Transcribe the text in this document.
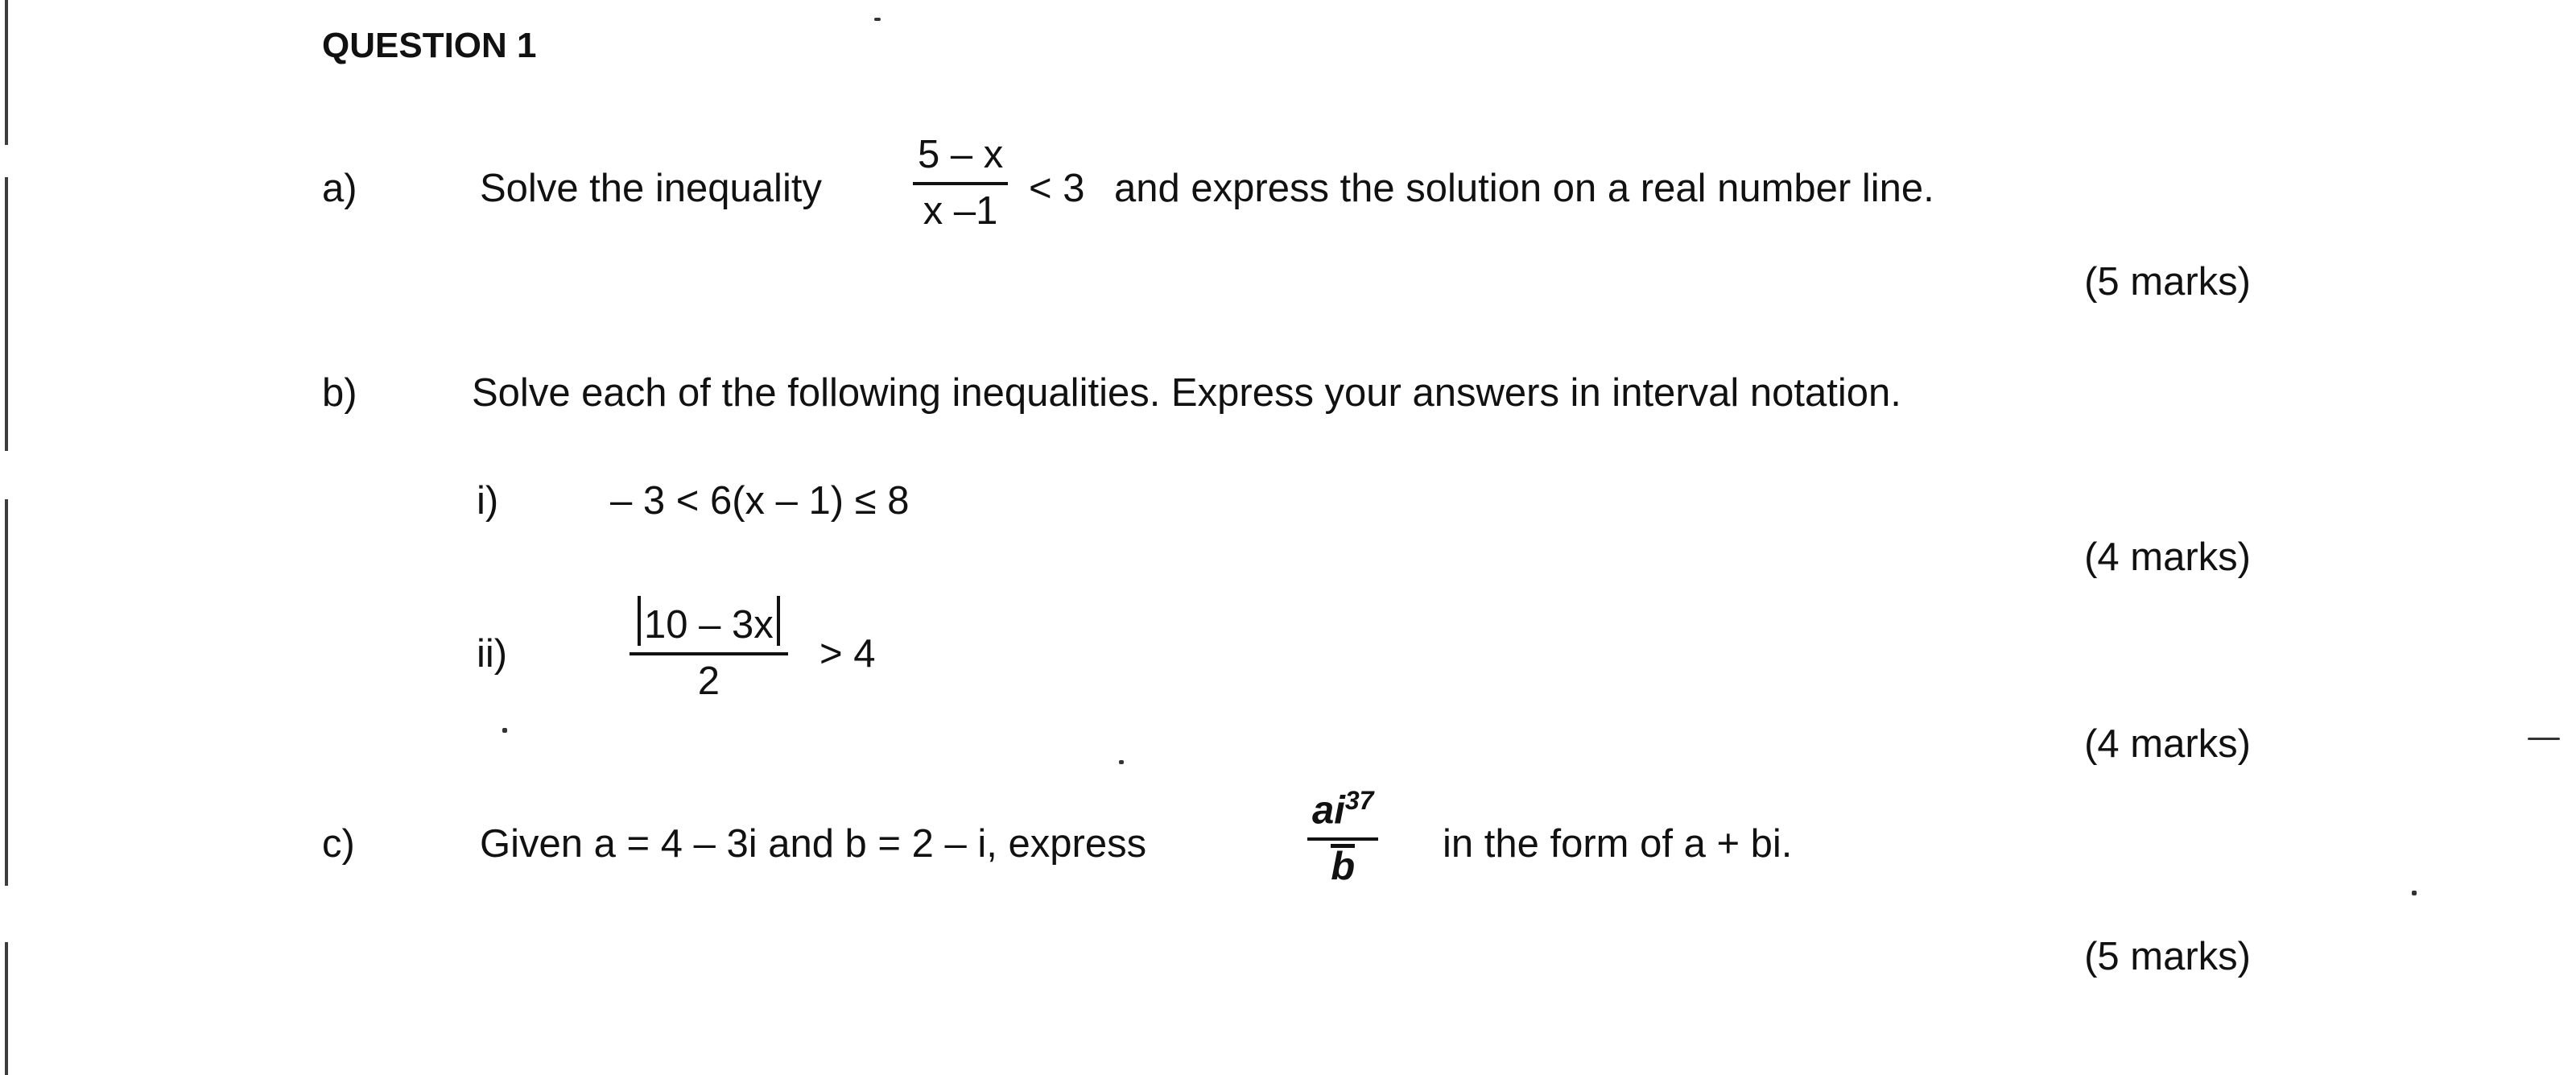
QUESTION 1
a)	Solve the inequality
5 – x
x –1
< 3 and express the solution on a real number line.
(5 marks)
b)	Solve each of the following inequalities. Express your answers in interval notation.
i)	– 3 < 6(x – 1) ≤ 8
(4 marks)
ii)
10 – 3x
2
> 4
(4 marks)
c)	Given a = 4 – 3i and b = 2 – i, express
$ai^{37}$
b
in the form of a + bi.
(5 marks)
